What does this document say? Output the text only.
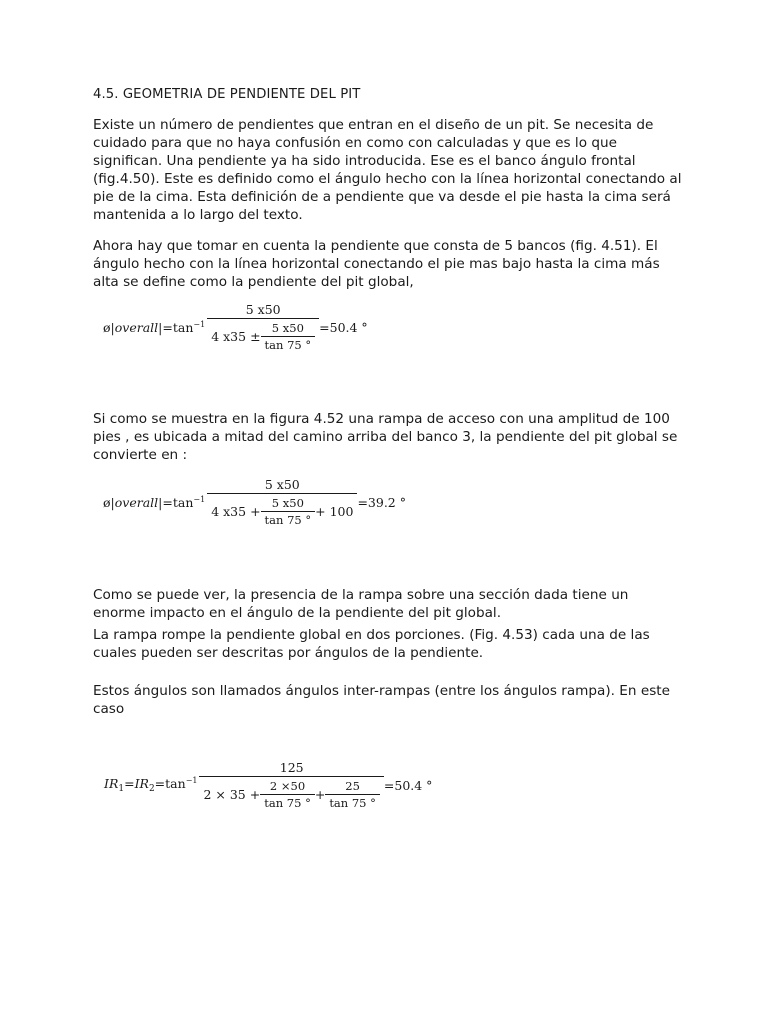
4.5. GEOMETRIA DE PENDIENTE DEL PIT

Existe un número de pendientes que entran en el diseño de un pit. Se necesita de cuidado para que no haya confusión en como con calculadas y que es lo que significan. Una pendiente ya ha sido introducida. Ese es el banco ángulo frontal (fig.4.50). Este es definido como el ángulo hecho con la línea horizontal conectando al pie de la cima. Esta definición de a pendiente que va desde el pie hasta la cima será mantenida a lo largo del texto.

Ahora hay que tomar en cuenta la pendiente que consta de 5 bancos (fig. 4.51). El ángulo hecho con la línea horizontal conectando el pie mas bajo hasta la cima más alta se define como la pendiente del pit global,

$ø|overall|=\tan^{-1}$ 5 x50
4 x35
± $\frac{5 x50}{\tan 75 ^\circ} =50.4$ °

Si como se muestra en la figura 4.52 una rampa de acceso con una amplitud de 100 pies , es ubicada a mitad del camino arriba del banco 3, la pendiente del pit global se convierte en :

$ø|overall|=\tan^{-1}$
5 x50
4 x35
+ $\frac{5 x50}{\tan 75 ^\circ} + 100$
=39.2 °

Como se puede ver, la presencia de la rampa sobre una sección dada tiene un enorme impacto en el ángulo de la pendiente del pit global.

La rampa rompe la pendiente global en dos porciones. (Fig. 4.53) cada una de las cuales pueden ser descritas por ángulos de la pendiente.

Estos ángulos son llamados ángulos inter-rampas (entre los ángulos rampa). En este caso

$IR_1=IR_2=\tan^{-1}$
125
2 × 35
+ $\frac{2 \times 50}{\tan 75 ^\circ} + \frac{25}{\tan 75 ^\circ} =50.4$ °
